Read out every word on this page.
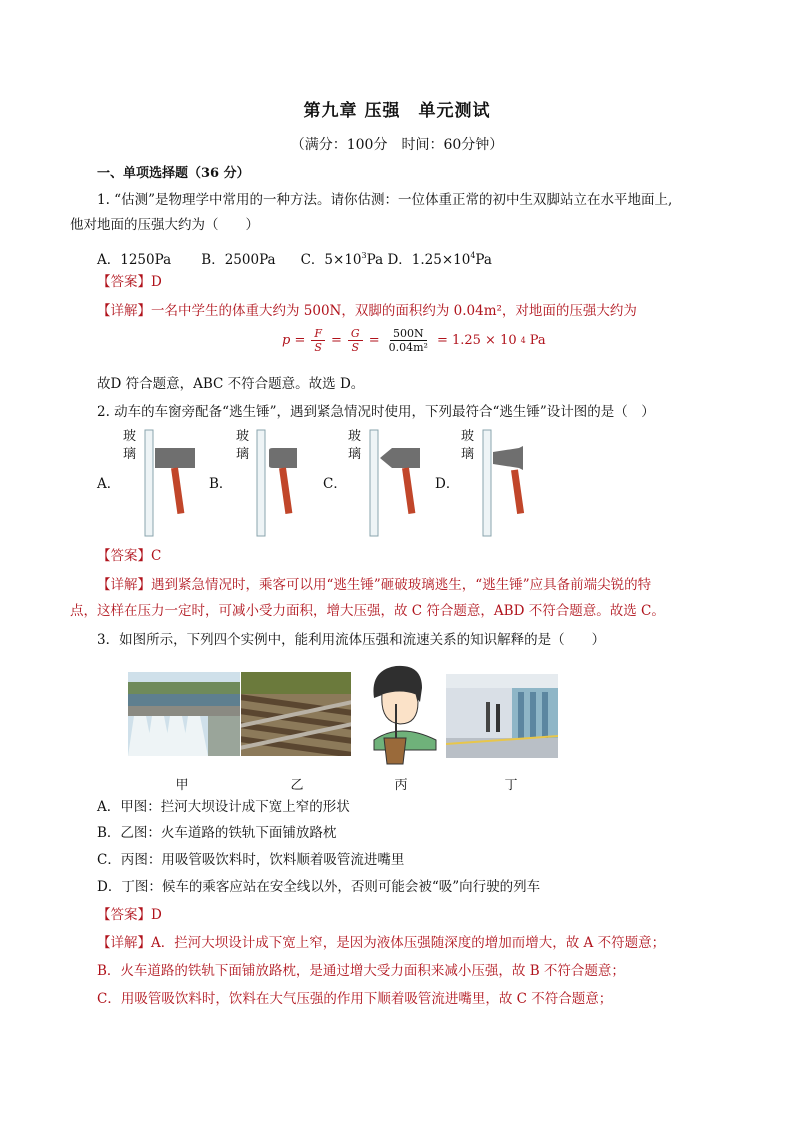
第九章 压强　单元测试
（满分：100分　时间：60分钟）
一、单项选择题（36 分）
1. “估测”是物理学中常用的一种方法。请你估测：一位体重正常的初中生双脚站立在水平地面上,
他对地面的压强大约为（　　）
A．1250Pa B．2500Pa C．$5\times 10^3Pa$ D．$1.25\times 10^4Pa$
【答案】D
【详解】一名中学生的体重大约为 500N，双脚的面积约为 0.04m²，对地面的压强大约为
$p = \frac{F}{S} = \frac{G}{S} = \frac{500N}{\text{0.04m²}} = 1.25 \times 10$ 4 Pa
故D 符合题意，ABC 不符合题意。故选 D。
2. 动车的车窗旁配备“逃生锤”，遇到紧急情况时使用，下列最符合“逃生锤”设计图的是（　）
A．
玻
璃
B．
玻
璃
C．
玻
璃
D．
玻
璃
【答案】C
【详解】遇到紧急情况时，乘客可以用“逃生锤”砸破玻璃逃生，“逃生锤”应具备前端尖锐的特
点，这样在压力一定时，可减小受力面积，增大压强，故 C 符合题意，ABD 不符合题意。故选 C。
3．如图所示，下列四个实例中，能利用流体压强和流速关系的知识解释的是（　　）
甲	乙	丙	丁
A．甲图：拦河大坝设计成下宽上窄的形状
B．乙图：火车道路的铁轨下面铺放路枕
C．丙图：用吸管吸饮料时，饮料顺着吸管流进嘴里
D．丁图：候车的乘客应站在安全线以外，否则可能会被“吸”向行驶的列车
【答案】D
【详解】A．拦河大坝设计成下宽上窄，是因为液体压强随深度的增加而增大，故 A 不符题意；
B．火车道路的铁轨下面铺放路枕，是通过增大受力面积来减小压强，故 B 不符合题意；
C．用吸管吸饮料时，饮料在大气压强的作用下顺着吸管流进嘴里，故 C 不符合题意；
